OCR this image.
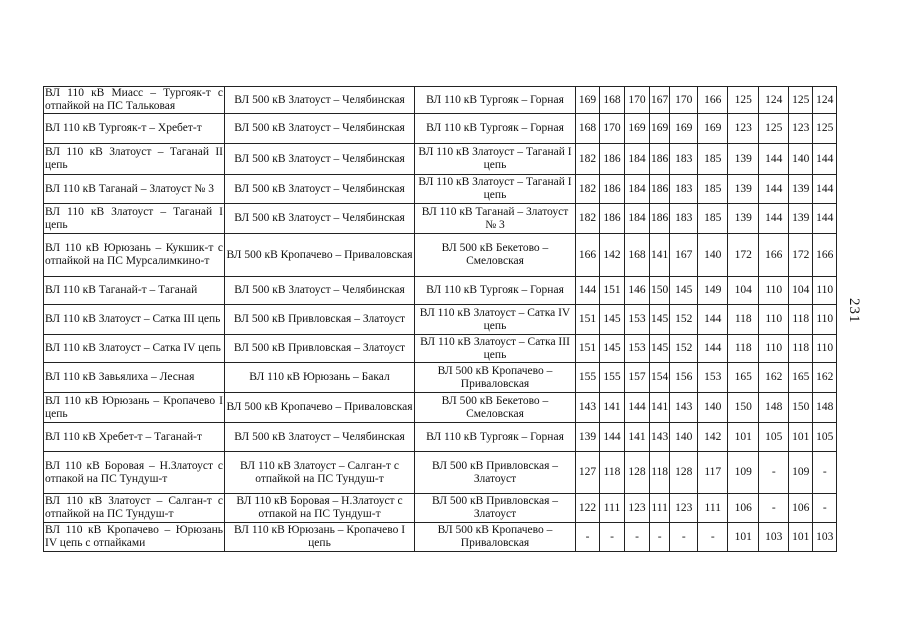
ВЛ 110 кВ Миасс – Тургояк-т с отпайкой на ПС Тальковая	ВЛ 500 кВ Златоуст – Челябинская	ВЛ 110 кВ Тургояк – Горная	169	168	170	167	170	166	125	124	125	124
ВЛ 110 кВ Тургояк-т – Хребет-т	ВЛ 500 кВ Златоуст – Челябинская	ВЛ 110 кВ Тургояк – Горная	168	170	169	169	169	169	123	125	123	125
ВЛ 110 кВ Златоуст – Таганай II цепь	ВЛ 500 кВ Златоуст – Челябинская	ВЛ 110 кВ Златоуст – Таганай I цепь	182	186	184	186	183	185	139	144	140	144
ВЛ 110 кВ Таганай – Златоуст № 3	ВЛ 500 кВ Златоуст – Челябинская	ВЛ 110 кВ Златоуст – Таганай I цепь	182	186	184	186	183	185	139	144	139	144
ВЛ 110 кВ Златоуст – Таганай I цепь	ВЛ 500 кВ Златоуст – Челябинская	ВЛ 110 кВ Таганай – Златоуст № 3	182	186	184	186	183	185	139	144	139	144
ВЛ 110 кВ Юрюзань – Кукшик-т с отпайкой на ПС Мурсалимкино-т	ВЛ 500 кВ Кропачево – Приваловская	ВЛ 500 кВ Бекетово – Смеловская	166	142	168	141	167	140	172	166	172	166
ВЛ 110 кВ Таганай-т – Таганай	ВЛ 500 кВ Златоуст – Челябинская	ВЛ 110 кВ Тургояк – Горная	144	151	146	150	145	149	104	110	104	110
ВЛ 110 кВ Златоуст – Сатка III цепь	ВЛ 500 кВ Привловская – Златоуст	ВЛ 110 кВ Златоуст – Сатка IV цепь	151	145	153	145	152	144	118	110	118	110
ВЛ 110 кВ Златоуст – Сатка IV цепь	ВЛ 500 кВ Привловская – Златоуст	ВЛ 110 кВ Златоуст – Сатка III цепь	151	145	153	145	152	144	118	110	118	110
ВЛ 110 кВ Завьялиха – Лесная	ВЛ 110 кВ Юрюзань – Бакал	ВЛ 500 кВ Кропачево – Приваловская	155	155	157	154	156	153	165	162	165	162
ВЛ 110 кВ Юрюзань – Кропачево I цепь	ВЛ 500 кВ Кропачево – Приваловская	ВЛ 500 кВ Бекетово – Смеловская	143	141	144	141	143	140	150	148	150	148
ВЛ 110 кВ Хребет-т – Таганай-т	ВЛ 500 кВ Златоуст – Челябинская	ВЛ 110 кВ Тургояк – Горная	139	144	141	143	140	142	101	105	101	105
ВЛ 110 кВ Боровая – Н.Златоуст с отпакой на ПС Тундуш-т	ВЛ 110 кВ Златоуст – Салган-т с отпайкой на ПС Тундуш-т	ВЛ 500 кВ Привловская – Златоуст	127	118	128	118	128	117	109	-	109	-
ВЛ 110 кВ Златоуст – Салган-т с отпайкой на ПС Тундуш-т	ВЛ 110 кВ Боровая – Н.Златоуст с отпакой на ПС Тундуш-т	ВЛ 500 кВ Привловская – Златоуст	122	111	123	111	123	111	106	-	106	-
ВЛ 110 кВ Кропачево – Юрюзань IV цепь с отпайками	ВЛ 110 кВ Юрюзань – Кропачево I цепь	ВЛ 500 кВ Кропачево – Приваловская	-	-	-	-	-	-	101	103	101	103
231
